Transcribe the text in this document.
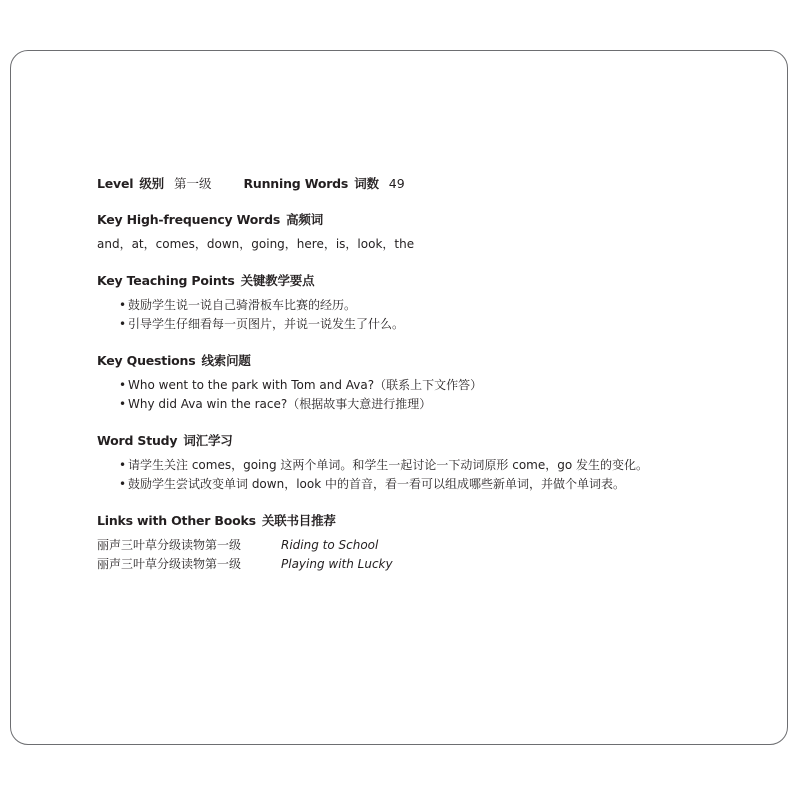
Level 级别 第一级	Running Words 词数 49
Key High-frequency Words 高频词
and，at，comes，down，going，here，is，look，the
Key Teaching Points 关键教学要点
• 鼓励学生说一说自己骑滑板车比赛的经历。
• 引导学生仔细看每一页图片，并说一说发生了什么。
Key Questions 线索问题
• Who went to the park with Tom and Ava?（联系上下文作答）
• Why did Ava win the race?（根据故事大意进行推理）
Word Study 词汇学习
• 请学生关注 comes，going 这两个单词。和学生一起讨论一下动词原形 come，go 发生的变化。
• 鼓励学生尝试改变单词 down，look 中的首音，看一看可以组成哪些新单词，并做个单词表。
Links with Other Books 关联书目推荐
丽声三叶草分级读物第一级	Riding to School
丽声三叶草分级读物第一级	Playing with Lucky
